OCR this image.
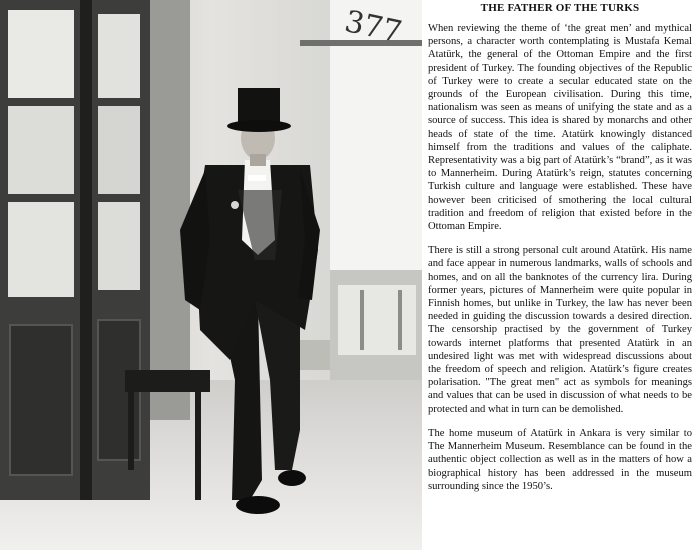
377	THE FATHER OF THE TURKS

When reviewing the theme of ‘the great men’ and mythical persons, a character worth contemplating is Mustafa Kemal Atatürk, the general of the Ottoman Empire and the first president of Turkey. The founding objectives of the Republic of Turkey were to create a secular educated state on the grounds of the European civilisation. During this time, nationalism was seen as means of unifying the state and as a source of success. This idea is shared by monarchs and other heads of state of the time. Atatürk knowingly distanced himself from the traditions and values of the caliphate. Representativity was a big part of Atatürk’s “brand”, as it was to Mannerheim. During Atatürk’s reign, statutes concerning Turkish culture and language were established. These have however been criticised of smothering the local cultural tradition and freedom of religion that existed before in the Ottoman Empire.

There is still a strong personal cult around Atatürk. His name and face appear in numerous landmarks, walls of schools and homes, and on all the banknotes of the currency lira. During former years, pictures of Mannerheim were quite popular in Finnish homes, but unlike in Turkey, the law has never been needed in guiding the discussion towards a desired direction. The censorship practised by the government of Turkey towards internet platforms that presented Atatürk in an undesired light was met with widespread discussions about the freedom of speech and religion. Atatürk’s figure creates polarisation. "The great men" act as symbols for meanings and values that can be used in discussion of what needs to be protected and what in turn can be demolished.

The home museum of Atatürk in Ankara is very similar to The Mannerheim Museum. Resemblance can be found in the authentic object collection as well as in the matters of how a biographical history has been addressed in the museum surrounding since the 1950’s.
